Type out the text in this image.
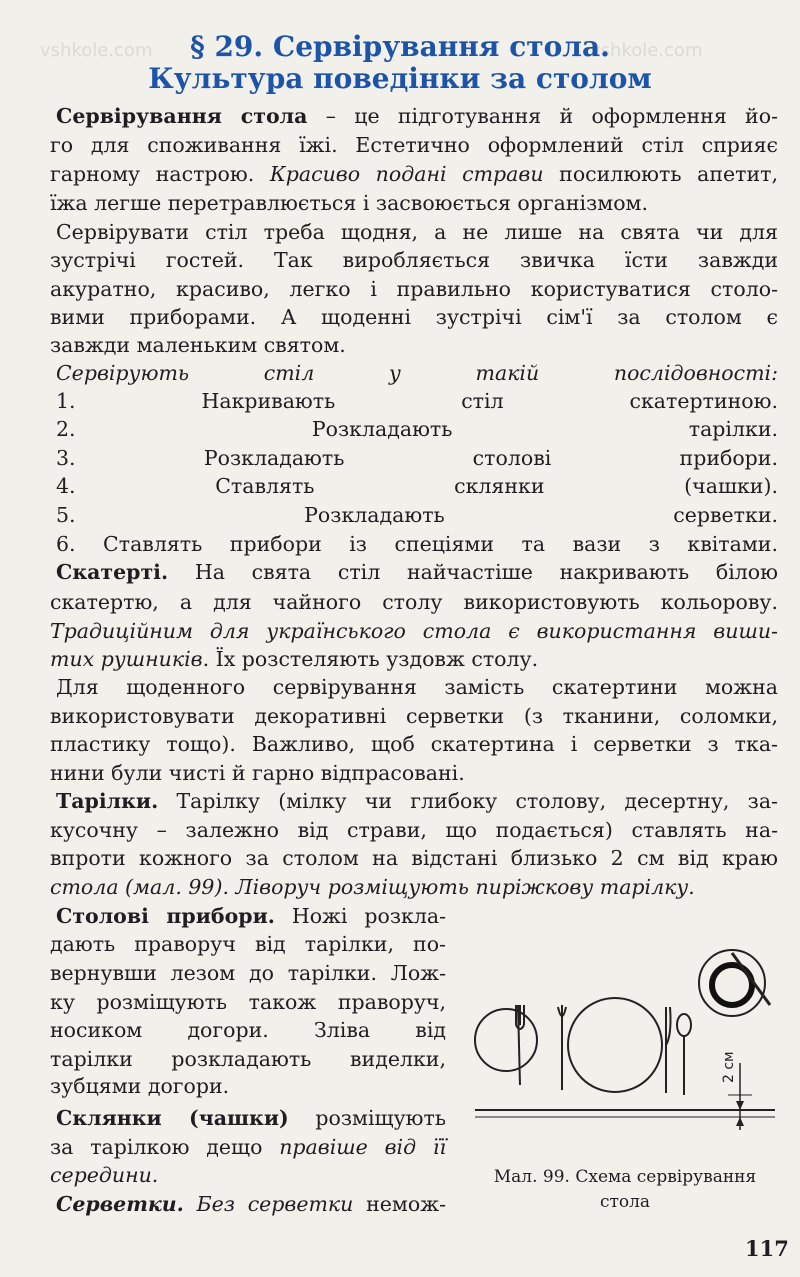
§ 29. Сервірування стола.
Культура поведінки за столом
Сервірування стола – це підготування й оформлення йо-
го для споживання їжі. Естетично оформлений стіл сприяє
гарному настрою. Красиво подані страви посилюють апетит,
їжа легше перетравлюється і засвоюється організмом.
Сервірувати стіл треба щодня, а не лише на свята чи для
зустрічі гостей. Так виробляється звичка їсти завжди
акуратно, красиво, легко і правильно користуватися столо-
вими приборами. А щоденні зустрічі сім'ї за столом є
завжди маленьким святом.
Сервірують стіл у такій послідовності:
1. Накривають стіл скатертиною.
2. Розкладають тарілки.
3. Розкладають столові прибори.
4. Ставлять склянки (чашки).
5. Розкладають серветки.
6. Ставлять прибори із спеціями та вази з квітами.
Скатерті. На свята стіл найчастіше накривають білою
скатертю, а для чайного столу використовують кольорову.
Традиційним для українського стола є використання виши-
тих рушників. Їх розстеляють уздовж столу.
Для щоденного сервірування замість скатертини можна
використовувати декоративні серветки (з тканини, соломки,
пластику тощо). Важливо, щоб скатертина і серветки з тка-
нини були чисті й гарно відпрасовані.
Тарілки. Тарілку (мілку чи глибоку столову, десертну, за-
кусочну – залежно від страви, що подається) ставлять на-
впроти кожного за столом на відстані близько 2 см від краю
стола (мал. 99). Ліворуч розміщують пиріжкову тарілку.
Столові прибори. Ножі розкла-
дають праворуч від тарілки, по-
вернувши лезом до тарілки. Лож-
ку розміщують також праворуч,
носиком догори. Зліва від
тарілки розкладають виделки,
зубцями догори.
Склянки (чашки) розміщують
за тарілкою дещо правіше від її
середини.
Серветки. Без серветки немож-
2 см
Мал. 99. Схема сервірування
стола
117
vshkole.com	vshkole.com
